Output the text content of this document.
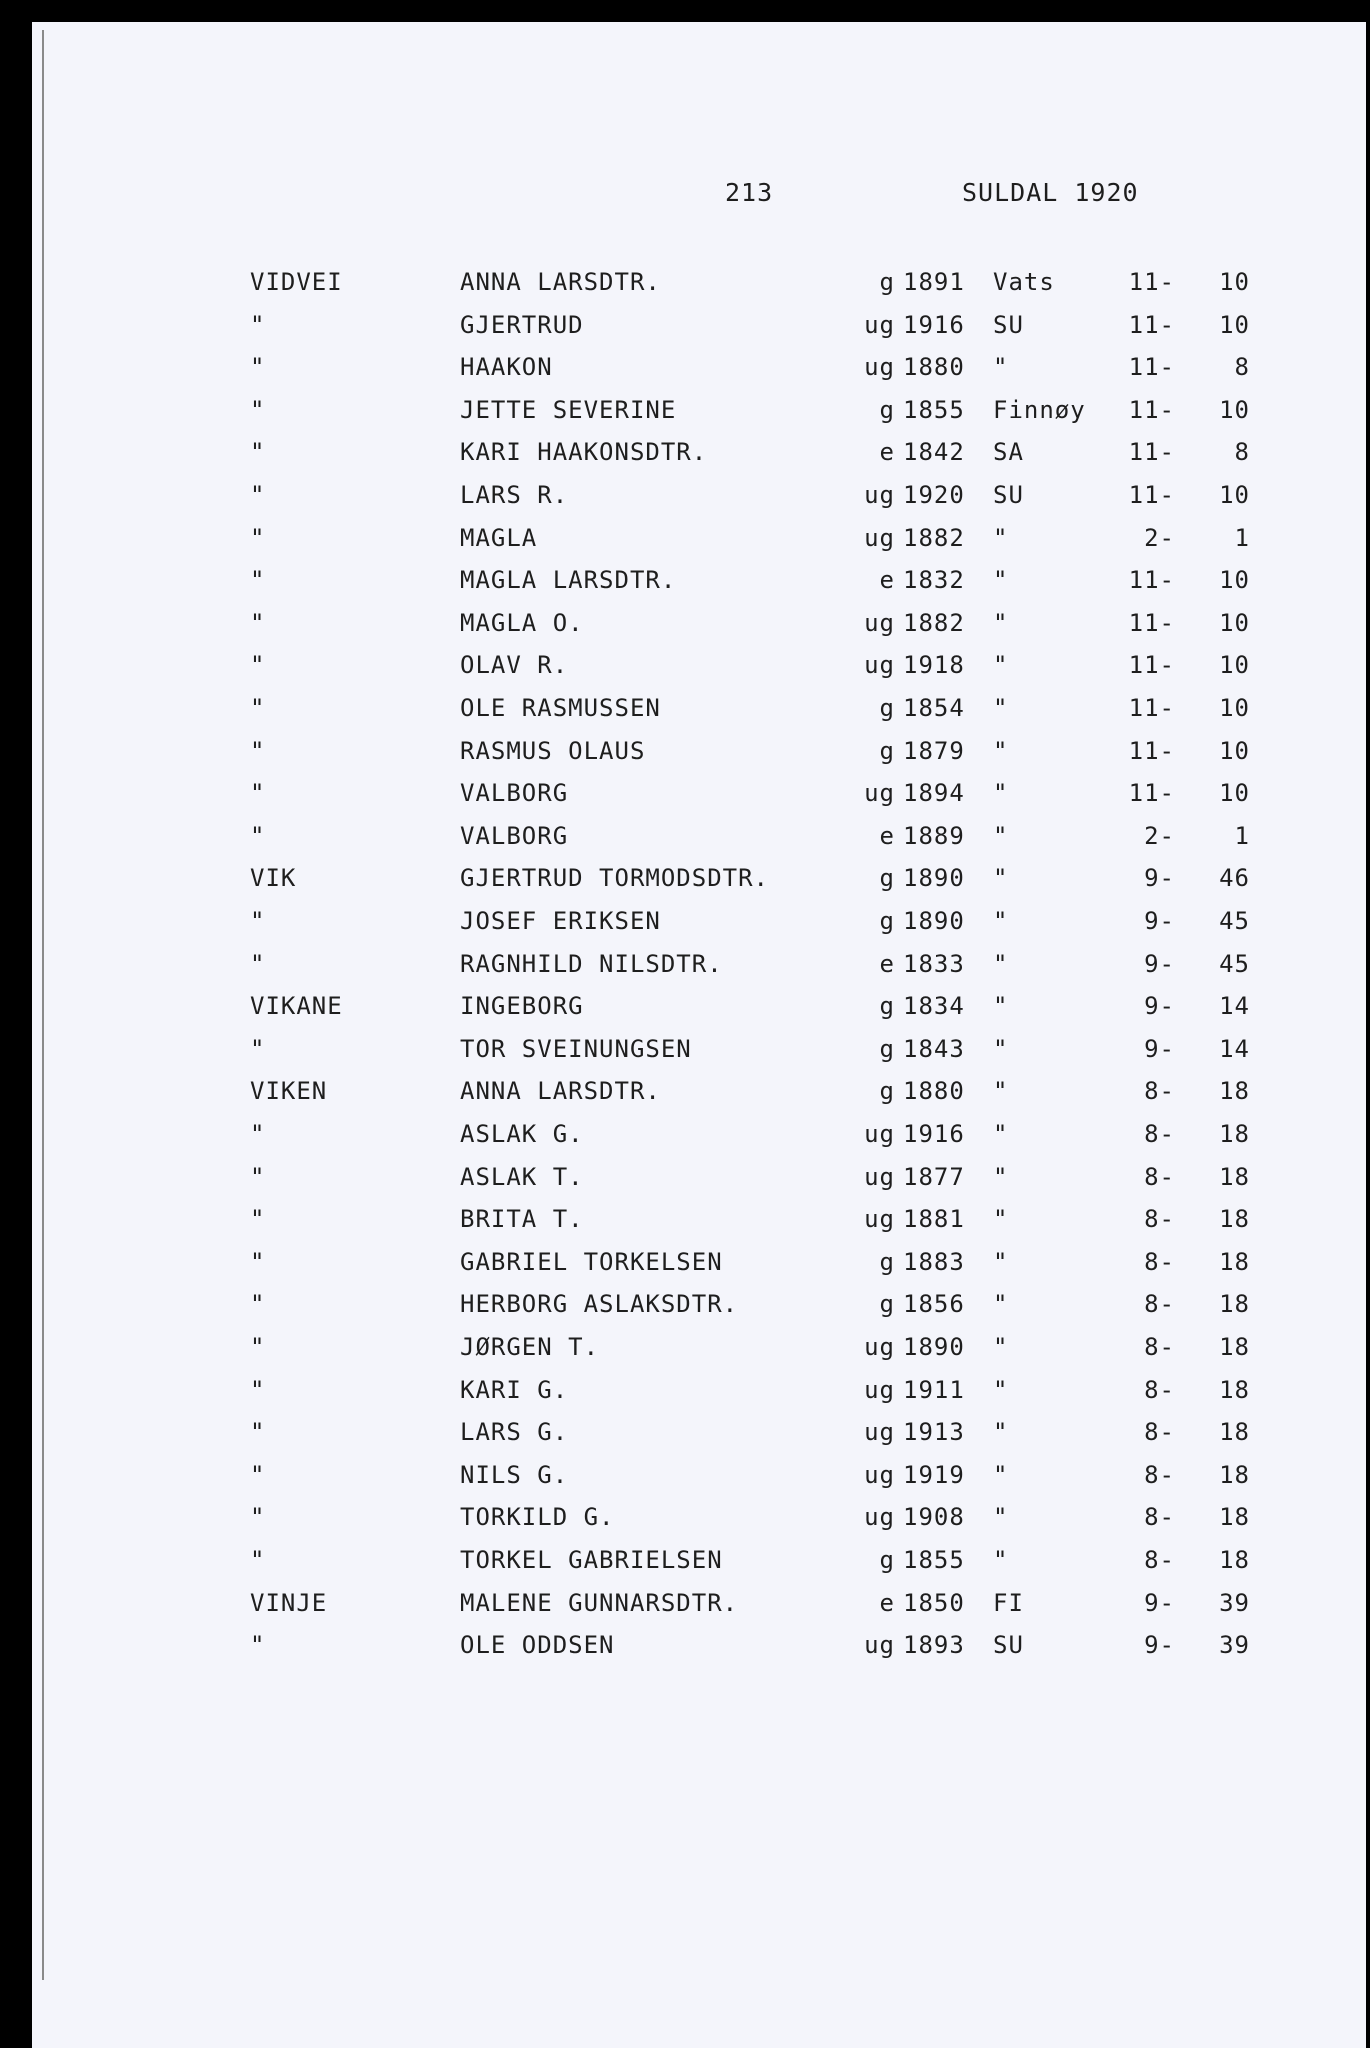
213	SULDAL 1920
VIDVEI	ANNA LARSDTR.	g 1891 Vats	11-	10
"	GJERTRUD	ug 1916 SU	11-	10
"	HAAKON	ug 1880 "	11-	8
"	JETTE SEVERINE	g 1855 Finnøy	11-	10
"	KARI HAAKONSDTR.	e 1842 SA	11-	8
"	LARS R.	ug 1920 SU	11-	10
"	MAGLA	ug 1882 "	2-	1
"	MAGLA LARSDTR.	e 1832 "	11-	10
"	MAGLA O.	ug 1882 "	11-	10
"	OLAV R.	ug 1918 "	11-	10
"	OLE RASMUSSEN	g 1854 "	11-	10
"	RASMUS OLAUS	g 1879 "	11-	10
"	VALBORG	ug 1894 "	11-	10
"	VALBORG	e 1889 "	2-	1
VIK	GJERTRUD TORMODSDTR.	g 1890 "	9-	46
"	JOSEF ERIKSEN	g 1890 "	9-	45
"	RAGNHILD NILSDTR.	e 1833 "	9-	45
VIKANE	INGEBORG	g 1834 "	9-	14
"	TOR SVEINUNGSEN	g 1843 "	9-	14
VIKEN	ANNA LARSDTR.	g 1880 "	8-	18
"	ASLAK G.	ug 1916 "	8-	18
"	ASLAK T.	ug 1877 "	8-	18
"	BRITA T.	ug 1881 "	8-	18
"	GABRIEL TORKELSEN	g 1883 "	8-	18
"	HERBORG ASLAKSDTR.	g 1856 "	8-	18
"	JØRGEN T.	ug 1890 "	8-	18
"	KARI G.	ug 1911 "	8-	18
"	LARS G.	ug 1913 "	8-	18
"	NILS G.	ug 1919 "	8-	18
"	TORKILD G.	ug 1908 "	8-	18
"	TORKEL GABRIELSEN	g 1855 "	8-	18
VINJE	MALENE GUNNARSDTR.	e 1850 FI	9-	39
"	OLE ODDSEN	ug 1893 SU	9-	39
